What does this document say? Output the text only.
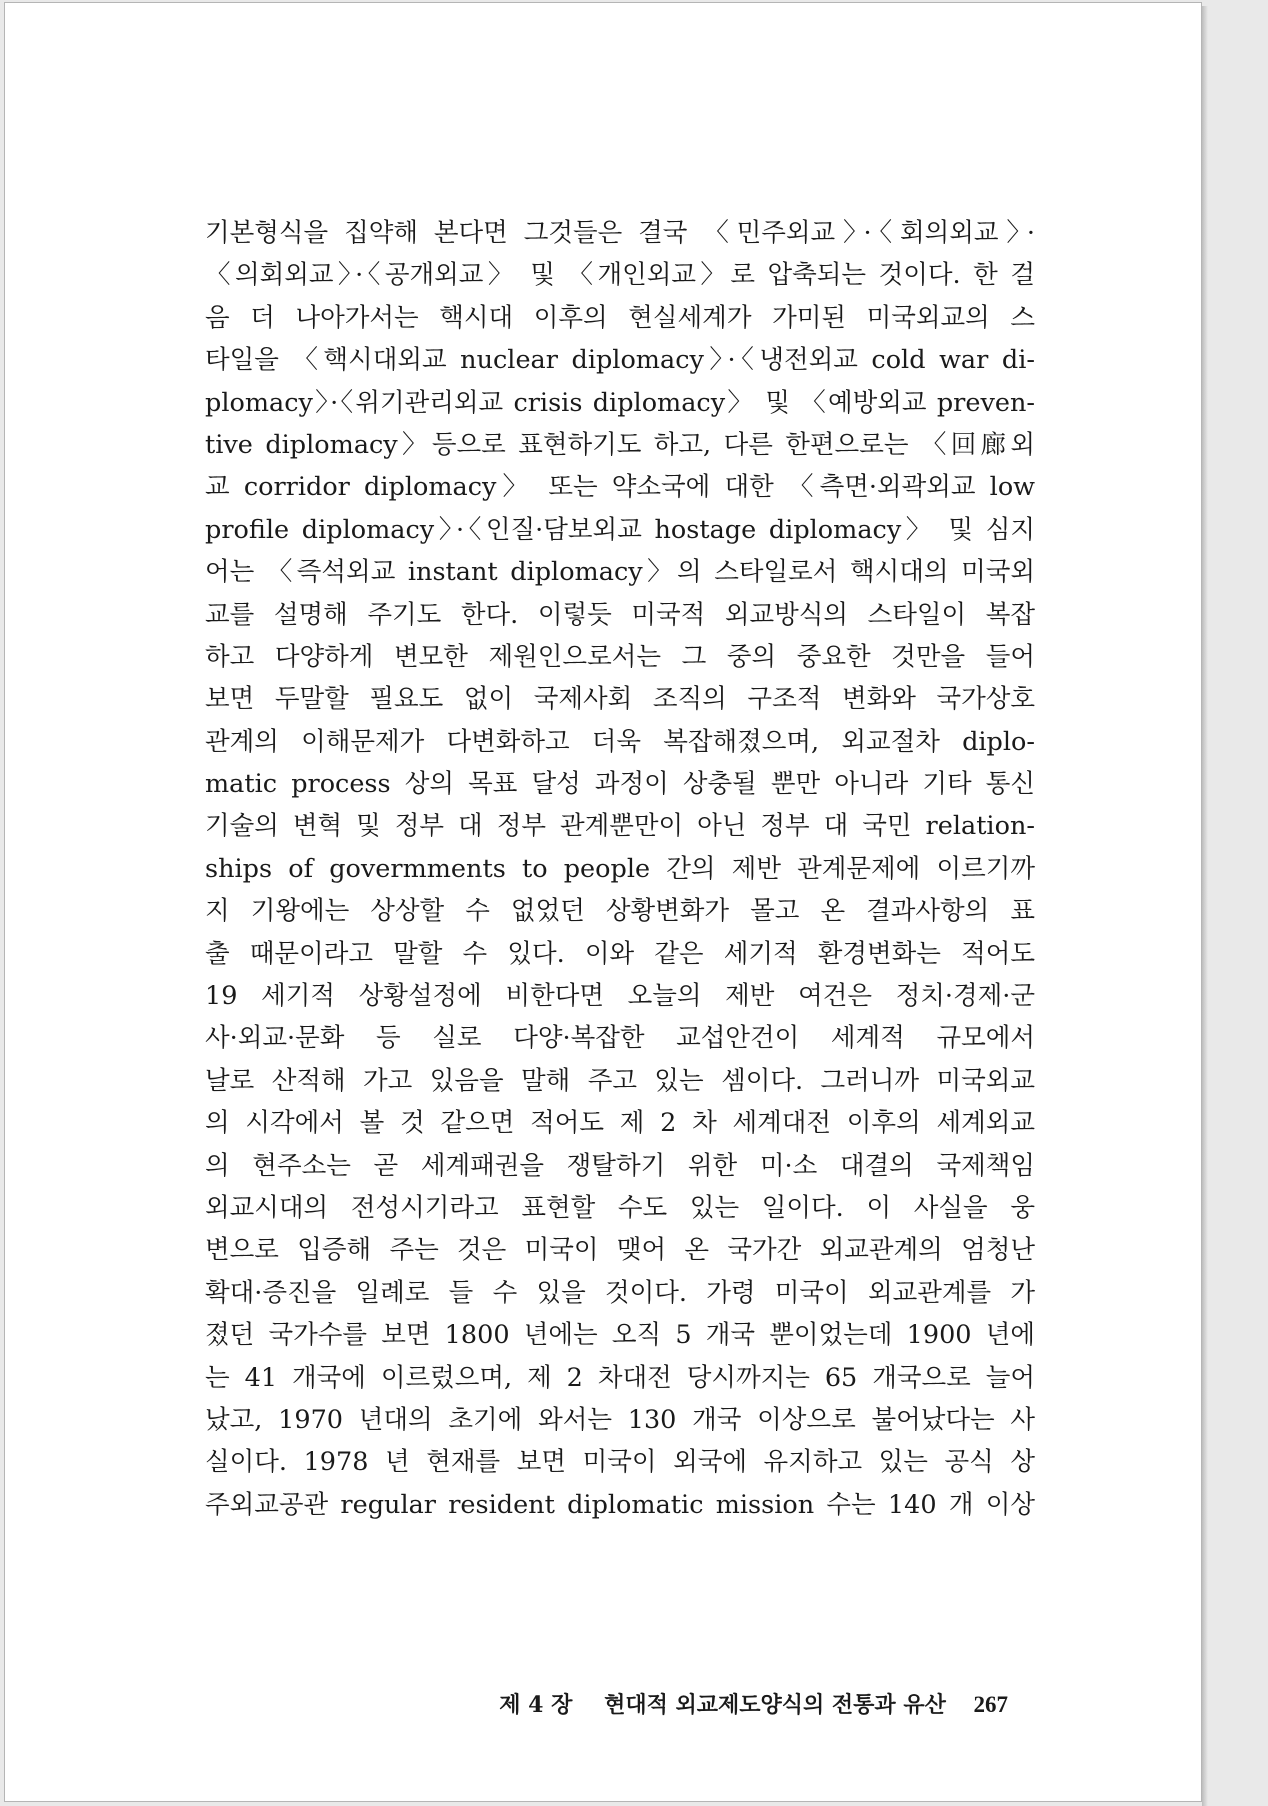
기본형식을 집약해 본다면 그것들은 결국 〈민주외교〉·〈회의외교〉·
〈의회외교〉·〈공개외교〉 및 〈개인외교〉로 압축되는 것이다. 한 걸
음 더 나아가서는 핵시대 이후의 현실세계가 가미된 미국외교의 스
타일을 〈핵시대외교 nuclear diplomacy〉·〈냉전외교 cold war di-
plomacy〉·〈위기관리외교 crisis diplomacy〉 및 〈예방외교 preven-
tive diplomacy〉등으로 표현하기도 하고, 다른 한편으로는 〈回廊외
교 corridor diplomacy〉 또는 약소국에 대한 〈측면·외곽외교 low
profile diplomacy〉·〈인질·담보외교 hostage diplomacy〉 및 심지
어는 〈즉석외교 instant diplomacy〉의 스타일로서 핵시대의 미국외
교를 설명해 주기도 한다. 이렇듯 미국적 외교방식의 스타일이 복잡
하고 다양하게 변모한 제원인으로서는 그 중의 중요한 것만을 들어
보면 두말할 필요도 없이 국제사회 조직의 구조적 변화와 국가상호
관계의 이해문제가 다변화하고 더욱 복잡해졌으며, 외교절차 diplo-
matic process 상의 목표 달성 과정이 상충될 뿐만 아니라 기타 통신
기술의 변혁 및 정부 대 정부 관계뿐만이 아닌 정부 대 국민 relation-
ships of govermments to people 간의 제반 관계문제에 이르기까
지 기왕에는 상상할 수 없었던 상황변화가 몰고 온 결과사항의 표
출 때문이라고 말할 수 있다. 이와 같은 세기적 환경변화는 적어도
19 세기적 상황설정에 비한다면 오늘의 제반 여건은 정치·경제·군
사·외교·문화 등 실로 다양·복잡한 교섭안건이 세계적 규모에서
날로 산적해 가고 있음을 말해 주고 있는 셈이다. 그러니까 미국외교
의 시각에서 볼 것 같으면 적어도 제 2 차 세계대전 이후의 세계외교
의 현주소는 곧 세계패권을 쟁탈하기 위한 미·소 대결의 국제책임
외교시대의 전성시기라고 표현할 수도 있는 일이다. 이 사실을 웅
변으로 입증해 주는 것은 미국이 맺어 온 국가간 외교관계의 엄청난
확대·증진을 일례로 들 수 있을 것이다. 가령 미국이 외교관계를 가
졌던 국가수를 보면 1800 년에는 오직 5 개국 뿐이었는데 1900 년에
는 41 개국에 이르렀으며, 제 2 차대전 당시까지는 65 개국으로 늘어
났고, 1970 년대의 초기에 와서는 130 개국 이상으로 불어났다는 사
실이다. 1978 년 현재를 보면 미국이 외국에 유지하고 있는 공식 상
주외교공관 regular resident diplomatic mission 수는 140 개 이상
제 4 장 현대적 외교제도양식의 전통과 유산 267
